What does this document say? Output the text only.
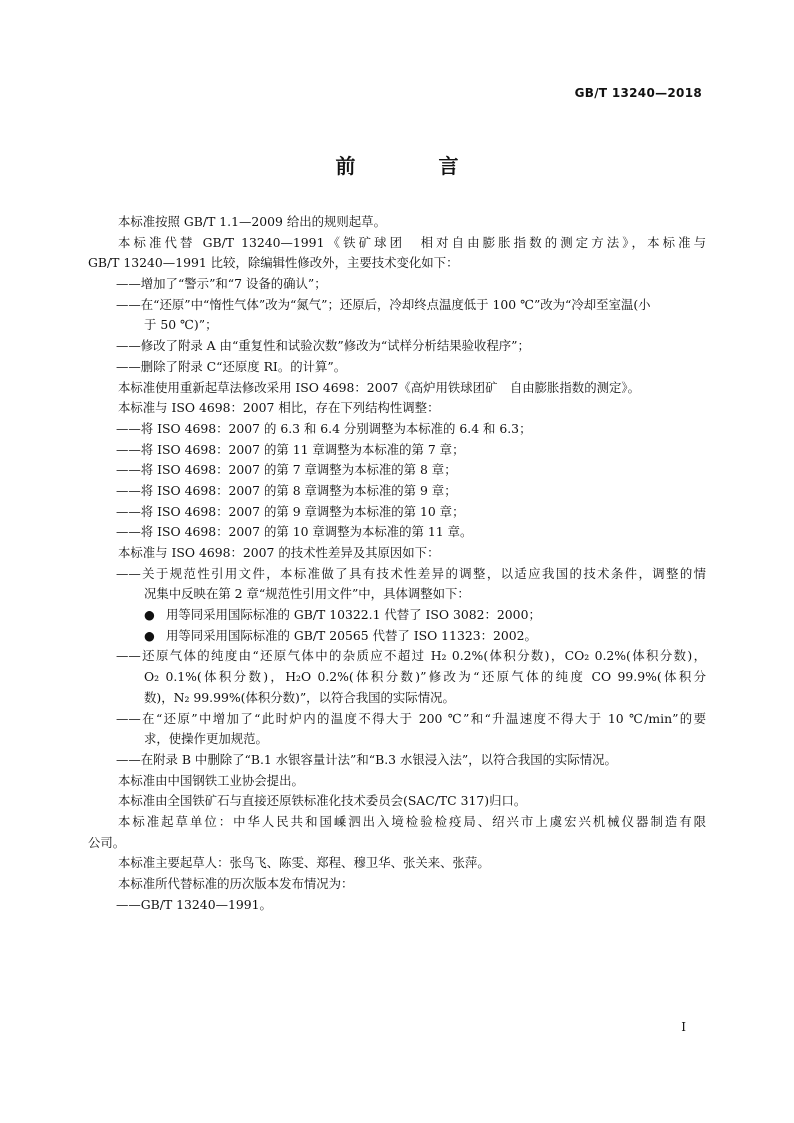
GB/T 13240—2018
前 言
本标准按照 GB/T 1.1—2009 给出的规则起草。
本标准代替 GB/T 13240—1991《铁矿球团　相对自由膨胀指数的测定方法》，本标准与
GB/T 13240—1991 比较，除编辑性修改外，主要技术变化如下：
——增加了“警示”和“7 设备的确认”；
——在“还原”中“惰性气体”改为“氮气”；还原后，冷却终点温度低于 100 ℃”改为“冷却至室温(小
于 50 ℃)”；
——修改了附录 A 由“重复性和试验次数”修改为“试样分析结果验收程序”；
——删除了附录 C“还原度 RI。的计算”。
本标准使用重新起草法修改采用 ISO 4698：2007《高炉用铁球团矿　自由膨胀指数的测定》。
本标准与 ISO 4698：2007 相比，存在下列结构性调整：
——将 ISO 4698：2007 的 6.3 和 6.4 分别调整为本标准的 6.4 和 6.3；
——将 ISO 4698：2007 的第 11 章调整为本标准的第 7 章；
——将 ISO 4698：2007 的第 7 章调整为本标准的第 8 章；
——将 ISO 4698：2007 的第 8 章调整为本标准的第 9 章；
——将 ISO 4698：2007 的第 9 章调整为本标准的第 10 章；
——将 ISO 4698：2007 的第 10 章调整为本标准的第 11 章。
本标准与 ISO 4698：2007 的技术性差异及其原因如下：
——关于规范性引用文件，本标准做了具有技术性差异的调整，以适应我国的技术条件，调整的情
况集中反映在第 2 章“规范性引用文件”中，具体调整如下：
● 用等同采用国际标准的 GB/T 10322.1 代替了 ISO 3082：2000；
● 用等同采用国际标准的 GB/T 20565 代替了 ISO 11323：2002。
——还原气体的纯度由“还原气体中的杂质应不超过 H₂ 0.2%(体积分数)，CO₂ 0.2%(体积分数)，
O₂ 0.1%(体积分数)，H₂O 0.2%(体积分数)”修改为“还原气体的纯度 CO 99.9%(体积分
数)，N₂ 99.99%(体积分数)”，以符合我国的实际情况。
——在“还原”中增加了“此时炉内的温度不得大于 200 ℃”和“升温速度不得大于 10 ℃/min”的要
求，使操作更加规范。
——在附录 B 中删除了“B.1 水银容量计法”和“B.3 水银浸入法”，以符合我国的实际情况。
本标准由中国钢铁工业协会提出。
本标准由全国铁矿石与直接还原铁标准化技术委员会(SAC/TC 317)归口。
本标准起草单位：中华人民共和国嵊泗出入境检验检疫局、绍兴市上虞宏兴机械仪器制造有限
公司。
本标准主要起草人：张鸟飞、陈雯、郑程、穆卫华、张关来、张萍。
本标准所代替标准的历次版本发布情况为：
——GB/T 13240—1991。
I
